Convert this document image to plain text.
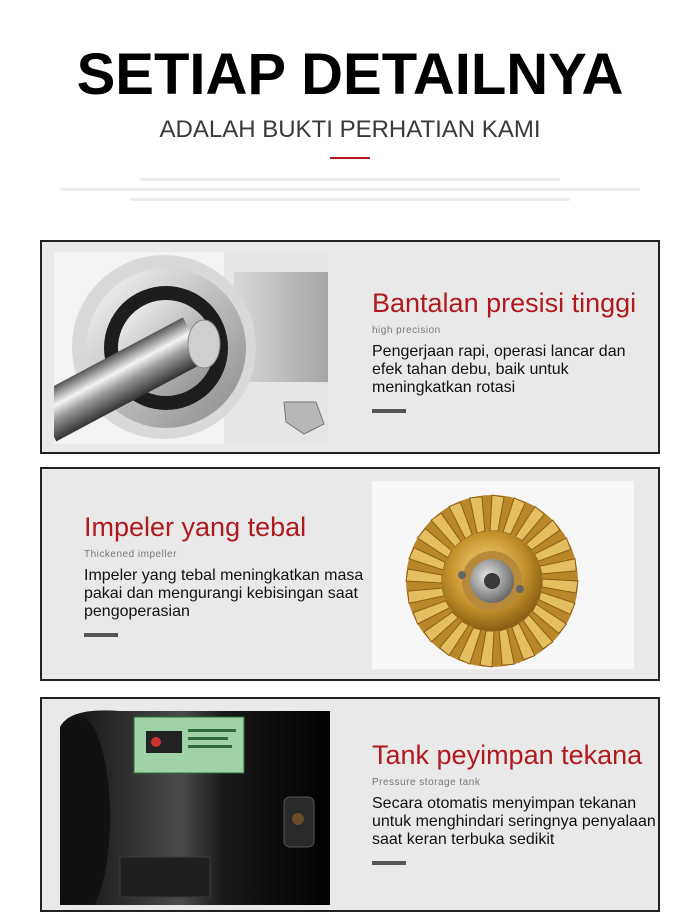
SETIAP DETAILNYA
ADALAH BUKTI PERHATIAN KAMI
Bantalan presisi tinggi
high precision
Pengerjaan rapi, operasi lancar dan efek tahan debu, baik untuk meningkatkan rotasi
Impeler yang tebal
Thickened impeller
Impeler yang tebal meningkatkan masa pakai dan mengurangi kebisingan saat pengoperasian
Tank peyimpan tekana
Pressure storage tank
Secara otomatis menyimpan tekanan untuk menghindari seringnya penyalaan saat keran terbuka sedikit
